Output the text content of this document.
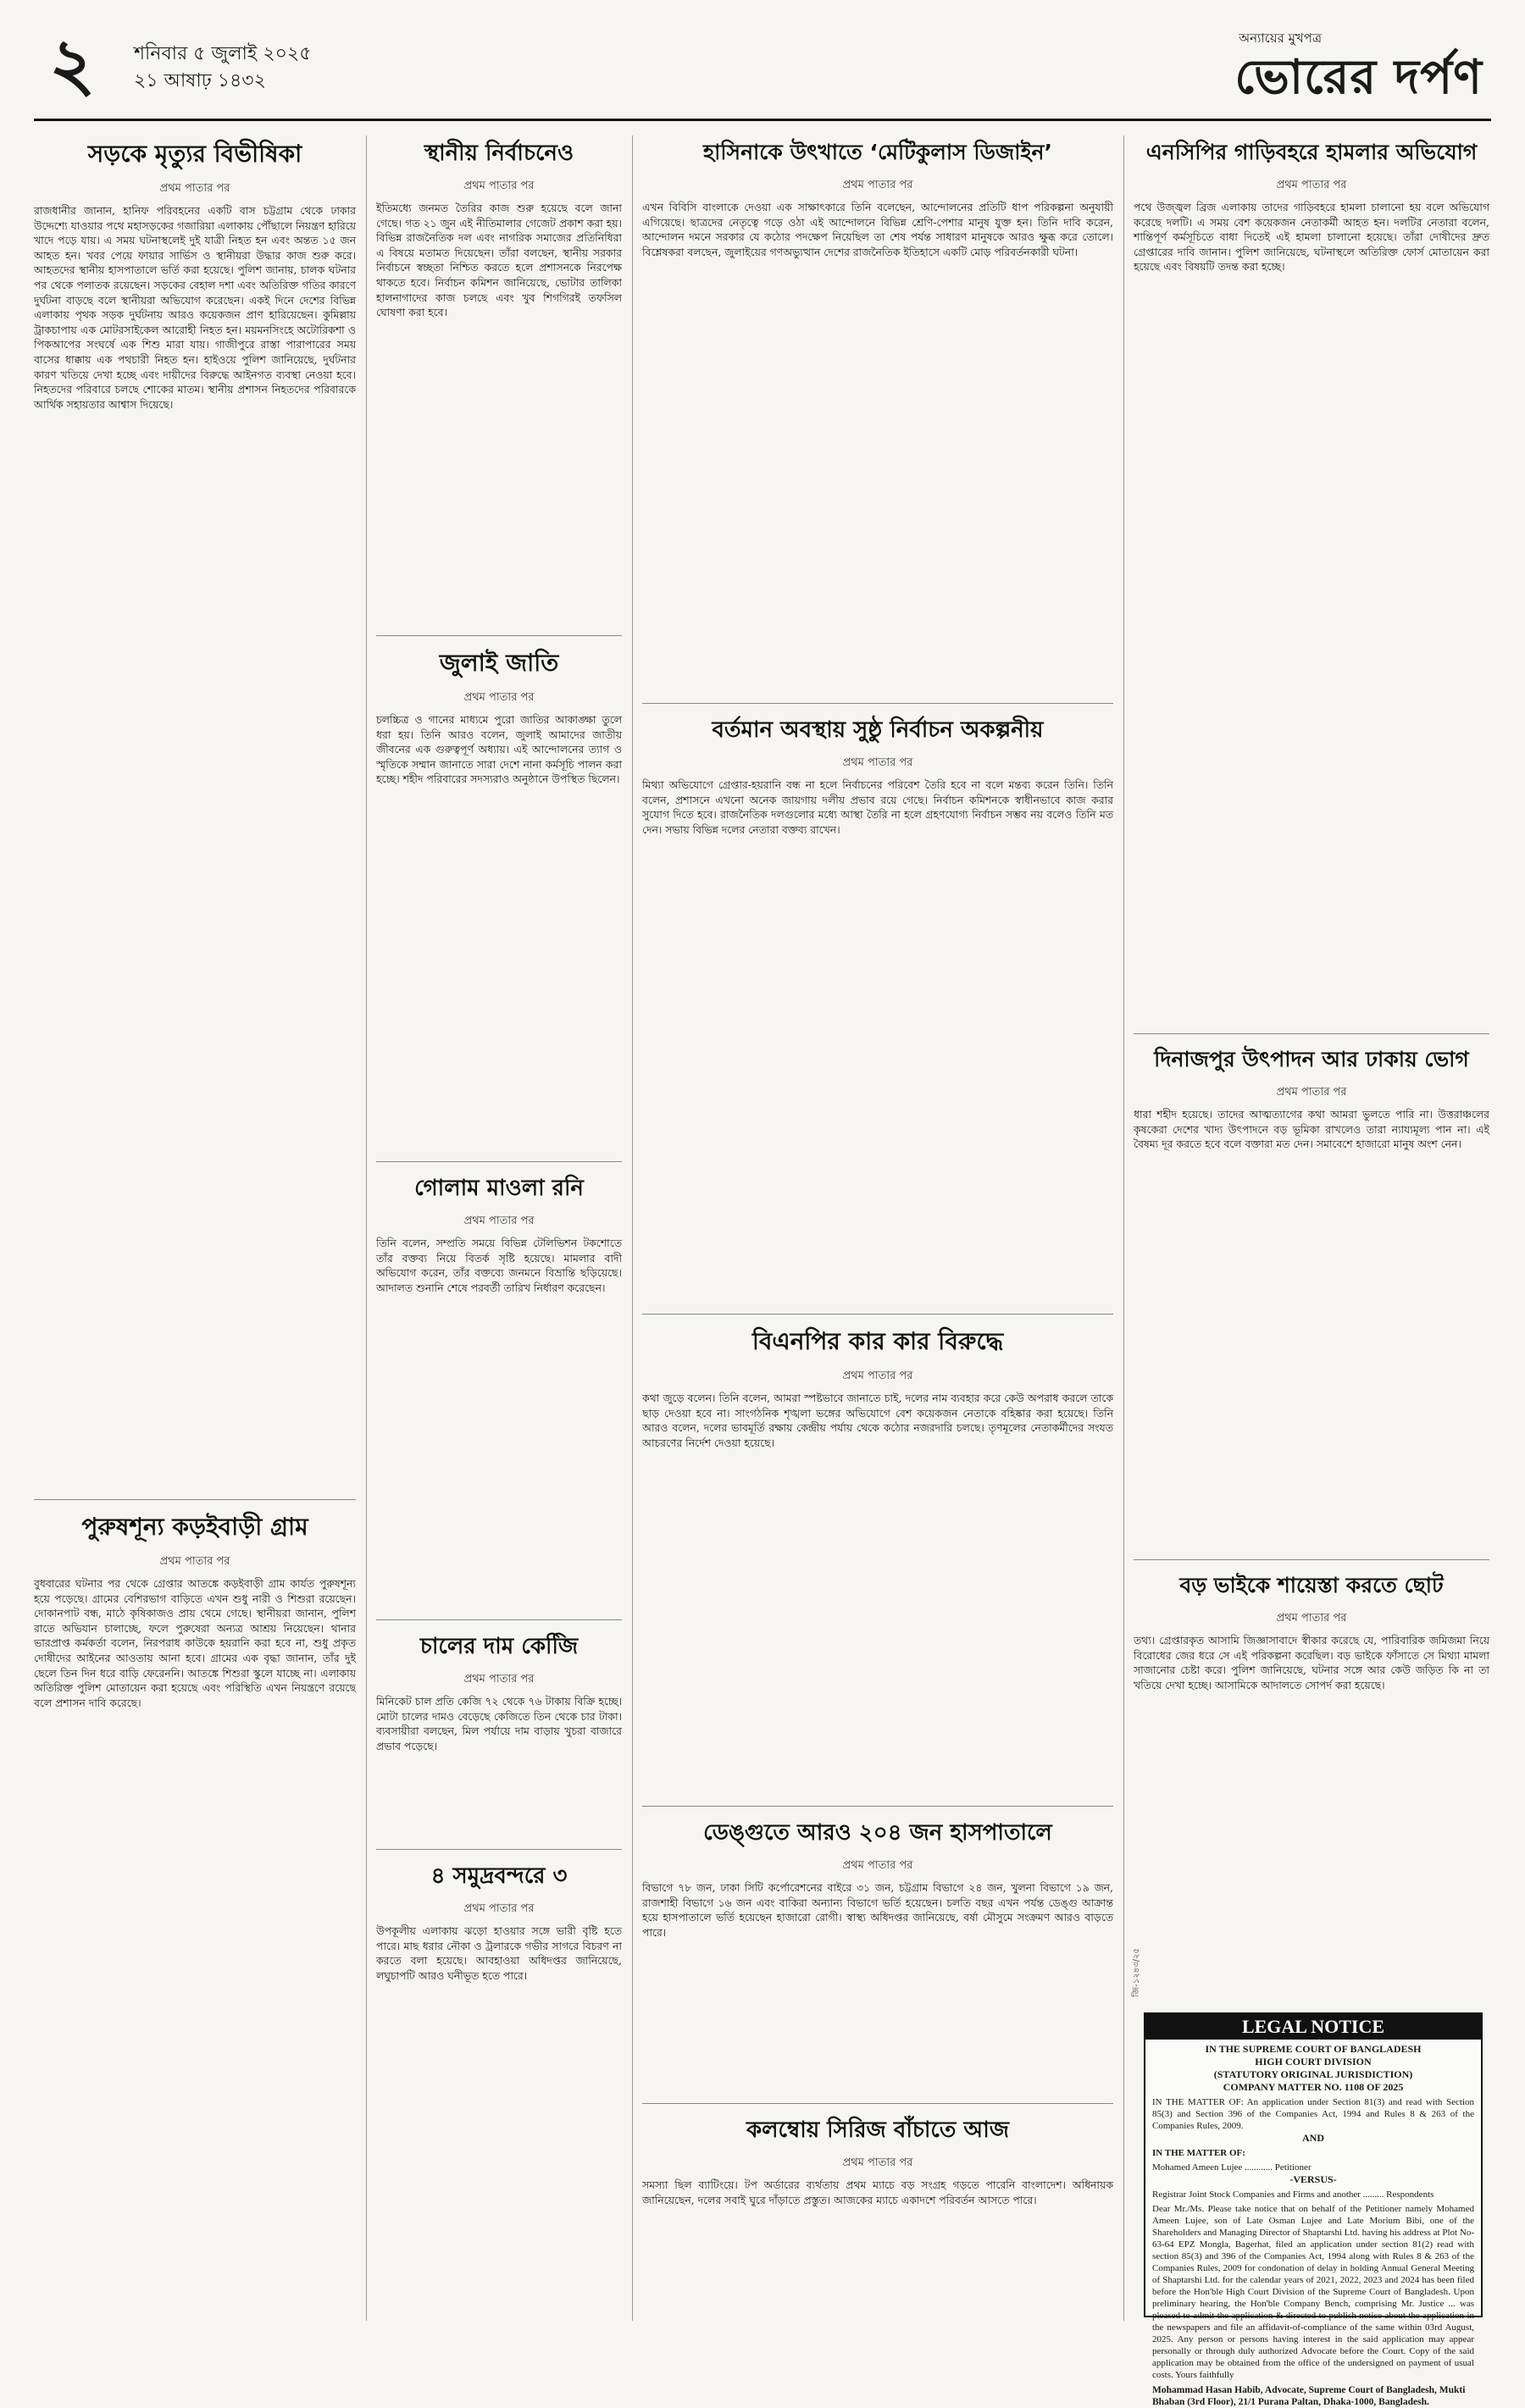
২ শনিবার ৫ জুলাই ২০২৫
২১ আষাঢ় ১৪৩২
অন্যায়ের মুখপত্র
ভোরের দর্পণ
সড়কে মৃত্যুর বিভীষিকা

প্রথম পাতার পর

রাজধানীর জানান, হানিফ পরিবহনের একটি বাস চট্টগ্রাম থেকে ঢাকার উদ্দেশ্যে যাওয়ার পথে মহাসড়কের গজারিয়া এলাকায় পৌঁছালে নিয়ন্ত্রণ হারিয়ে খাদে পড়ে যায়। এ সময় ঘটনাস্থলেই দুই যাত্রী নিহত হন এবং অন্তত ১৫ জন আহত হন। খবর পেয়ে ফায়ার সার্ভিস ও স্থানীয়রা উদ্ধার কাজ শুরু করে। আহতদের স্থানীয় হাসপাতালে ভর্তি করা হয়েছে। পুলিশ জানায়, চালক ঘটনার পর থেকে পলাতক রয়েছেন। সড়কের বেহাল দশা এবং অতিরিক্ত গতির কারণে দুর্ঘটনা বাড়ছে বলে স্থানীয়রা অভিযোগ করেছেন। একই দিনে দেশের বিভিন্ন এলাকায় পৃথক সড়ক দুর্ঘটনায় আরও কয়েকজন প্রাণ হারিয়েছেন। কুমিল্লায় ট্রাকচাপায় এক মোটরসাইকেল আরোহী নিহত হন। ময়মনসিংহে অটোরিকশা ও পিকআপের সংঘর্ষে এক শিশু মারা যায়। গাজীপুরে রাস্তা পারাপারের সময় বাসের ধাক্কায় এক পথচারী নিহত হন। হাইওয়ে পুলিশ জানিয়েছে, দুর্ঘটনার কারণ খতিয়ে দেখা হচ্ছে এবং দায়ীদের বিরুদ্ধে আইনগত ব্যবস্থা নেওয়া হবে। নিহতদের পরিবারে চলছে শোকের মাতম। স্থানীয় প্রশাসন নিহতদের পরিবারকে আর্থিক সহায়তার আশ্বাস দিয়েছে।

পুরুষশূন্য কড়ইবাড়ী গ্রাম

প্রথম পাতার পর

বুধবারের ঘটনার পর থেকে গ্রেপ্তার আতঙ্কে কড়ইবাড়ী গ্রাম কার্যত পুরুষশূন্য হয়ে পড়েছে। গ্রামের বেশিরভাগ বাড়িতে এখন শুধু নারী ও শিশুরা রয়েছেন। দোকানপাট বন্ধ, মাঠে কৃষিকাজও প্রায় থেমে গেছে। স্থানীয়রা জানান, পুলিশ রাতে অভিযান চালাচ্ছে, ফলে পুরুষেরা অন্যত্র আশ্রয় নিয়েছেন। থানার ভারপ্রাপ্ত কর্মকর্তা বলেন, নিরপরাধ কাউকে হয়রানি করা হবে না, শুধু প্রকৃত দোষীদের আইনের আওতায় আনা হবে। গ্রামের এক বৃদ্ধা জানান, তাঁর দুই ছেলে তিন দিন ধরে বাড়ি ফেরেননি। আতঙ্কে শিশুরা স্কুলে যাচ্ছে না। এলাকায় অতিরিক্ত পুলিশ মোতায়েন করা হয়েছে এবং পরিস্থিতি এখন নিয়ন্ত্রণে রয়েছে বলে প্রশাসন দাবি করেছে।

স্থানীয় নির্বাচনেও

প্রথম পাতার পর

ইতিমধ্যে জনমত তৈরির কাজ শুরু হয়েছে বলে জানা গেছে। গত ২১ জুন এই নীতিমালার গেজেট প্রকাশ করা হয়। বিভিন্ন রাজনৈতিক দল এবং নাগরিক সমাজের প্রতিনিধিরা এ বিষয়ে মতামত দিয়েছেন। তাঁরা বলছেন, স্থানীয় সরকার নির্বাচনে স্বচ্ছতা নিশ্চিত করতে হলে প্রশাসনকে নিরপেক্ষ থাকতে হবে। নির্বাচন কমিশন জানিয়েছে, ভোটার তালিকা হালনাগাদের কাজ চলছে এবং খুব শিগগিরই তফসিল ঘোষণা করা হবে।

জুলাই জাতি

প্রথম পাতার পর

চলচ্চিত্র ও গানের মাধ্যমে পুরো জাতির আকাঙ্ক্ষা তুলে ধরা হয়। তিনি আরও বলেন, জুলাই আমাদের জাতীয় জীবনের এক গুরুত্বপূর্ণ অধ্যায়। এই আন্দোলনের ত্যাগ ও স্মৃতিকে সম্মান জানাতে সারা দেশে নানা কর্মসূচি পালন করা হচ্ছে। শহীদ পরিবারের সদস্যরাও অনুষ্ঠানে উপস্থিত ছিলেন।

গোলাম মাওলা রনি

প্রথম পাতার পর

তিনি বলেন, সম্প্রতি সময়ে বিভিন্ন টেলিভিশন টকশোতে তাঁর বক্তব্য নিয়ে বিতর্ক সৃষ্টি হয়েছে। মামলার বাদী অভিযোগ করেন, তাঁর বক্তব্যে জনমনে বিভ্রান্তি ছড়িয়েছে। আদালত শুনানি শেষে পরবর্তী তারিখ নির্ধারণ করেছেন।

চালের দাম কেজিি

প্রথম পাতার পর

মিনিকেট চাল প্রতি কেজি ৭২ থেকে ৭৬ টাকায় বিক্রি হচ্ছে। মোটা চালের দামও বেড়েছে কেজিতে তিন থেকে চার টাকা। ব্যবসায়ীরা বলছেন, মিল পর্যায়ে দাম বাড়ায় খুচরা বাজারে প্রভাব পড়েছে।

৪ সমুদ্রবন্দরে ৩

প্রথম পাতার পর

উপকূলীয় এলাকায় ঝড়ো হাওয়ার সঙ্গে ভারী বৃষ্টি হতে পারে। মাছ ধরার নৌকা ও ট্রলারকে গভীর সাগরে বিচরণ না করতে বলা হয়েছে। আবহাওয়া অধিদপ্তর জানিয়েছে, লঘুচাপটি আরও ঘনীভূত হতে পারে।

হাসিনাকে উৎখাতে ‘মেটিকুলাস ডিজাইন’

প্রথম পাতার পর

এখন বিবিসি বাংলাকে দেওয়া এক সাক্ষাৎকারে তিনি বলেছেন, আন্দোলনের প্রতিটি ধাপ পরিকল্পনা অনুযায়ী এগিয়েছে। ছাত্রদের নেতৃত্বে গড়ে ওঠা এই আন্দোলনে বিভিন্ন শ্রেণি-পেশার মানুষ যুক্ত হন। তিনি দাবি করেন, আন্দোলন দমনে সরকার যে কঠোর পদক্ষেপ নিয়েছিল তা শেষ পর্যন্ত সাধারণ মানুষকে আরও ক্ষুব্ধ করে তোলে। বিশ্লেষকরা বলছেন, জুলাইয়ের গণঅভ্যুত্থান দেশের রাজনৈতিক ইতিহাসে একটি মোড় পরিবর্তনকারী ঘটনা।

বর্তমান অবস্থায় সুষ্ঠু নির্বাচন অকল্পনীয়

প্রথম পাতার পর

মিথ্যা অভিযোগে গ্রেপ্তার-হয়রানি বন্ধ না হলে নির্বাচনের পরিবেশ তৈরি হবে না বলে মন্তব্য করেন তিনি। তিনি বলেন, প্রশাসনে এখনো অনেক জায়গায় দলীয় প্রভাব রয়ে গেছে। নির্বাচন কমিশনকে স্বাধীনভাবে কাজ করার সুযোগ দিতে হবে। রাজনৈতিক দলগুলোর মধ্যে আস্থা তৈরি না হলে গ্রহণযোগ্য নির্বাচন সম্ভব নয় বলেও তিনি মত দেন। সভায় বিভিন্ন দলের নেতারা বক্তব্য রাখেন।

বিএনপির কার কার বিরুদ্ধে

প্রথম পাতার পর

কথা জুড়ে বলেন। তিনি বলেন, আমরা স্পষ্টভাবে জানাতে চাই, দলের নাম ব্যবহার করে কেউ অপরাধ করলে তাকে ছাড় দেওয়া হবে না। সাংগঠনিক শৃঙ্খলা ভঙ্গের অভিযোগে বেশ কয়েকজন নেতাকে বহিষ্কার করা হয়েছে। তিনি আরও বলেন, দলের ভাবমূর্তি রক্ষায় কেন্দ্রীয় পর্যায় থেকে কঠোর নজরদারি চলছে। তৃণমূলের নেতাকর্মীদের সংযত আচরণের নির্দেশ দেওয়া হয়েছে।

ডেঙ্গুতে আরও ২০৪ জন হাসপাতালে

প্রথম পাতার পর

বিভাগে ৭৮ জন, ঢাকা সিটি কর্পোরেশনের বাইরে ৩১ জন, চট্টগ্রাম বিভাগে ২৪ জন, খুলনা বিভাগে ১৯ জন, রাজশাহী বিভাগে ১৬ জন এবং বাকিরা অন্যান্য বিভাগে ভর্তি হয়েছেন। চলতি বছর এখন পর্যন্ত ডেঙ্গু আক্রান্ত হয়ে হাসপাতালে ভর্তি হয়েছেন হাজারো রোগী। স্বাস্থ্য অধিদপ্তর জানিয়েছে, বর্ষা মৌসুমে সংক্রমণ আরও বাড়তে পারে।

কলম্বোয় সিরিজ বাঁচাতে আজ

প্রথম পাতার পর

সমস্যা ছিল ব্যাটিংয়ে। টপ অর্ডারের ব্যর্থতায় প্রথম ম্যাচে বড় সংগ্রহ গড়তে পারেনি বাংলাদেশ। অধিনায়ক জানিয়েছেন, দলের সবাই ঘুরে দাঁড়াতে প্রস্তুত। আজকের ম্যাচে একাদশে পরিবর্তন আসতে পারে।

এনসিপির গাড়িবহরে হামলার অভিযোগ

প্রথম পাতার পর

পথে উজ্জ্বল ব্রিজ এলাকায় তাদের গাড়িবহরে হামলা চালানো হয় বলে অভিযোগ করেছে দলটি। এ সময় বেশ কয়েকজন নেতাকর্মী আহত হন। দলটির নেতারা বলেন, শান্তিপূর্ণ কর্মসূচিতে বাধা দিতেই এই হামলা চালানো হয়েছে। তাঁরা দোষীদের দ্রুত গ্রেপ্তারের দাবি জানান। পুলিশ জানিয়েছে, ঘটনাস্থলে অতিরিক্ত ফোর্স মোতায়েন করা হয়েছে এবং বিষয়টি তদন্ত করা হচ্ছে।

দিনাজপুর উৎপাদন আর ঢাকায় ভোগ

প্রথম পাতার পর

ধারা শহীদ হয়েছে। তাদের আত্মত্যাগের কথা আমরা ভুলতে পারি না। উত্তরাঞ্চলের কৃষকেরা দেশের খাদ্য উৎপাদনে বড় ভূমিকা রাখলেও তারা ন্যায্যমূল্য পান না। এই বৈষম্য দূর করতে হবে বলে বক্তারা মত দেন। সমাবেশে হাজারো মানুষ অংশ নেন।

বড় ভাইকে শায়েস্তা করতে ছোট

প্রথম পাতার পর

তথ্য। গ্রেপ্তারকৃত আসামি জিজ্ঞাসাবাদে স্বীকার করেছে যে, পারিবারিক জমিজমা নিয়ে বিরোধের জের ধরে সে এই পরিকল্পনা করেছিল। বড় ভাইকে ফাঁসাতে সে মিথ্যা মামলা সাজানোর চেষ্টা করে। পুলিশ জানিয়েছে, ঘটনার সঙ্গে আর কেউ জড়িত কি না তা খতিয়ে দেখা হচ্ছে। আসামিকে আদালতে সোপর্দ করা হয়েছে।

LEGAL NOTICE
IN THE SUPREME COURT OF BANGLADESH
HIGH COURT DIVISION
(STATUTORY ORIGINAL JURISDICTION)
COMPANY MATTER NO. 1108 OF 2025

IN THE MATTER OF: An application under Section 81(3) and read with Section 85(3) and Section 396 of the Companies Act, 1994 and Rules 8 & 263 of the Companies Rules, 2009.

AND

IN THE MATTER OF:

Mohamed Ameen Lujee ............ Petitioner

-VERSUS-

Registrar Joint Stock Companies and Firms and another ......... Respondents

Dear Mr./Ms. Please take notice that on behalf of the Petitioner namely Mohamed Ameen Lujee, son of Late Osman Lujee and Late Morium Bibi, one of the Shareholders and Managing Director of Shaptarshi Ltd. having his address at Plot No-63-64 EPZ Mongla, Bagerhat, filed an application under section 81(2) read with section 85(3) and 396 of the Companies Act, 1994 along with Rules 8 & 263 of the Companies Rules, 2009 for condonation of delay in holding Annual General Meeting of Shaptarshi Ltd. for the calendar years of 2021, 2022, 2023 and 2024 has been filed before the Hon'ble High Court Division of the Supreme Court of Bangladesh. Upon preliminary hearing, the Hon'ble Company Bench, comprising Mr. Justice ... was pleased to admit the application & directed to publish notice about the application in the newspapers and file an affidavit-of-compliance of the same within 03rd August, 2025. Any person or persons having interest in the said application may appear personally or through duly authorized Advocate before the Court. Copy of the said application may be obtained from the office of the undersigned on payment of usual costs. Yours faithfully

Mohammad Hasan Habib, Advocate, Supreme Court of Bangladesh, Mukti Bhaban (3rd Floor), 21/1 Purana Paltan, Dhaka-1000, Bangladesh.
জি-১২৪৩/২৫
